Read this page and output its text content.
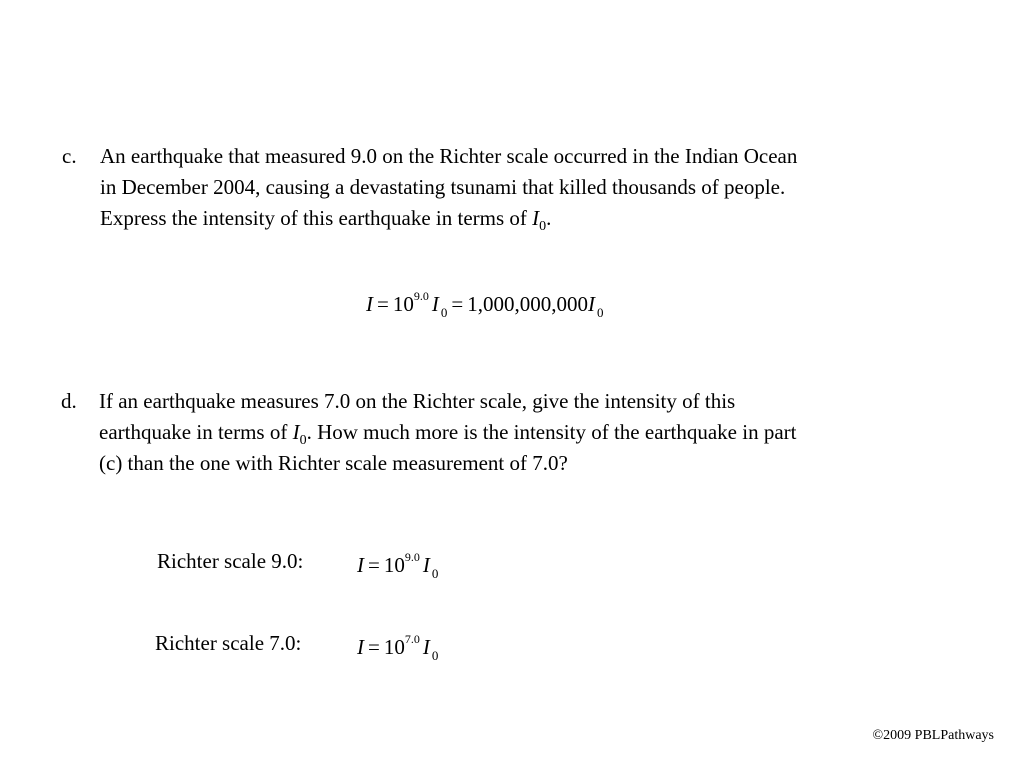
c. An earthquake that measured 9.0 on the Richter scale occurred in the Indian Ocean
in December 2004, causing a devastating tsunami that killed thousands of people.
Express the intensity of this earthquake in terms of $I_0$.
$I = 10^{9.0}$ I $_0$ = 1,000,000,000I $_0$
d. If an earthquake measures 7.0 on the Richter scale, give the intensity of this
earthquake in terms of $I_0$. How much more is the intensity of the earthquake in part
(c) than the one with Richter scale measurement of 7.0?
Richter scale 9.0:	$I = 10^{9.0}$ I $_0$
Richter scale 7.0:	$I = 10^{7.0}$ I $_0$
©2009 PBLPathways
